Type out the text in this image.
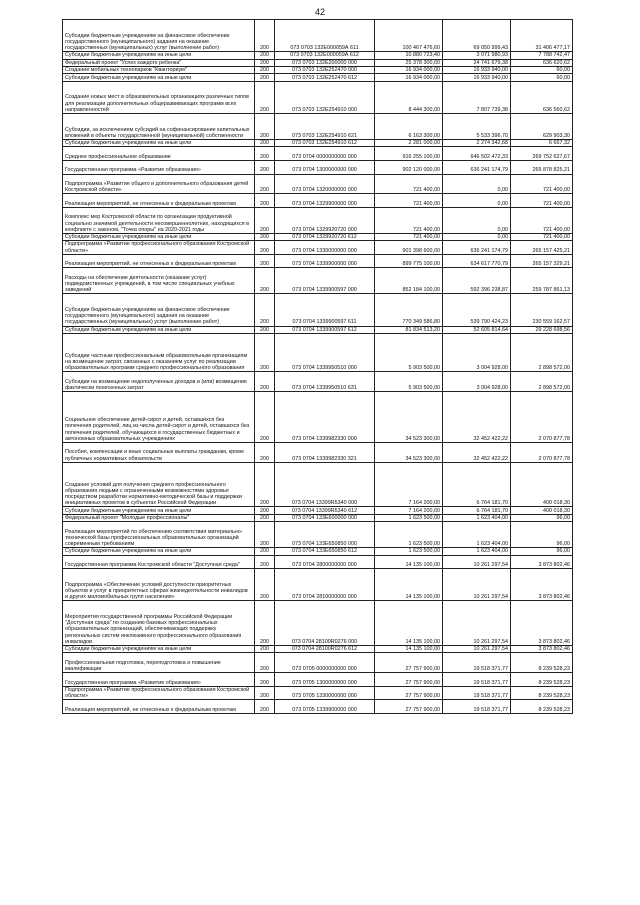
42
Субсидии бюджетным учреждениям на финансовое обеспечение государственного (муниципального) задания на оказание государственных (муниципальных) услуг (выполнение работ)	200	073 0703 132Е000059А 611	100 467 476,60	69 050 999,43	31 406 477,17
Субсидии бюджетным учреждениям на иные цели	200	073 0703 132Е000059А 612	10 880 723,40	3 071 980,93	7 788 742,47
Федеральный проект "Успех каждого ребенка"	200	073 0703 132Е200000 000	25 378 300,00	24 741 679,38	636 620,62
Создание мобильных технопарков "Кванториум"	200	073 0703 132Е252470 000	16 934 000,00	16 933 940,00	60,00
Субсидии бюджетным учреждениям на иные цели	200	073 0703 132Е252470 612	16 934 000,00	16 933 940,00	60,00
Создание новых мест в образовательных организациях различных типов для реализации дополнительных общеразвивающих программ всех направленностей	200	073 0703 132Е254910 000	8 444 300,00	7 807 739,38	636 560,62
Субсидии, за исключением субсидий на софинансирование капитальных вложений в объекты государственной (муниципальной) собственности	200	073 0703 132Е254910 621	6 163 300,00	5 533 396,70	629 903,30
Субсидии бюджетным учреждениям на иные цели	200	073 0703 132Е254910 612	2 281 000,00	2 274 342,68	6 657,32
Среднее профессиональное образование	200	073 0704 0000000000 000	916 255 100,00	646 502 472,33	269 752 627,67
Государственная программа «Развитие образования»	200	073 0704 1300000000 000	902 120 000,00	636 241 174,79	265 878 825,21
Подпрограмма «Развитие общего и дополнительного образования детей Костромской области»	200	073 0704 1320000000 000	721 400,00	0,00	721 400,00
Реализация мероприятий, не отнесенных к федеральным проектам	200	073 0704 1329900000 000	721 400,00	0,00	721 400,00
Комплекс мер Костромской области по организации продуктивной социально значимой деятельности несовершеннолетних, находящихся в конфликте с законом, "Точка опоры" на 2020-2021 годы	200	073 0704 1329920720 000	721 400,00	0,00	721 400,00
Субсидии бюджетным учреждениям на иные цели	200	073 0704 1329920720 612	721 400,00	0,00	721 400,00
Подпрограмма «Развитие профессионального образования Костромской области»	200	073 0704 1330000000 000	901 398 600,00	636 241 174,79	265 157 425,21
Реализация мероприятий, не отнесенных к федеральным проектам	200	073 0704 1339900000 000	899 775 100,00	634 617 770,79	265 157 329,21
Расходы на обеспечение деятельности (оказание услуг) подведомственных учреждений, в том числе специальных учебных заведений	200	073 0704 1339900597 000	852 184 100,00	592 396 238,87	259 787 861,13
Субсидии бюджетным учреждениям на финансовое обеспечение государственного (муниципального) задания на оказание государственных (муниципальных) услуг (выполнение работ)	200	073 0704 1339900597 611	770 349 586,80	539 790 424,23	230 559 162,57
Субсидии бюджетным учреждениям на иные цели	200	073 0704 1339900597 612	81 834 513,20	52 605 814,64	29 228 698,56
Субсидии частным профессиональным образовательным организациям на возмещение затрат, связанных с оказанием услуг по реализации образовательных программ среднего профессионального образования	200	073 0704 1339950510 000	5 903 500,00	3 004 928,00	2 898 572,00
Субсидии на возмещение недополученных доходов и (или) возмещение фактически понесенных затрат	200	073 0704 1339950510 631	5 903 500,00	3 004 928,00	2 898 572,00
Социальное обеспечение детей-сирот и детей, оставшихся без попечения родителей, лиц из числа детей-сирот и детей, оставшихся без попечения родителей, обучающихся в государственных бюджетных и автономных образовательных учреждениях	200	073 0704 1339982330 000	34 523 300,00	32 452 422,22	2 070 877,78
Пособия, компенсации и иные социальные выплаты гражданам, кроме публичных нормативных обязательств	200	073 0704 1339982330 321	34 523 300,00	32 452 422,22	2 070 877,78
Создание условий для получения среднего профессионального образования людьми с ограниченными возможностями здоровья посредством разработки нормативно-методической базы и поддержки инициативных проектов в субъектах Российской Федерации	200	073 0704 13399R5340 000	7 164 200,00	6 764 181,70	400 018,30
Субсидии бюджетным учреждениям на иные цели	200	073 0704 13399R5340 612	7 164 200,00	6 764 181,70	400 018,30
Федеральный проект "Молодые профессионалы"	200	073 0704 133E600000 000	1 623 500,00	1 623 404,00	96,00
Реализация мероприятий по обеспечению соответствия материально-технической базы профессиональных образовательных организаций современным требованиям	200	073 0704 133E650850 000	1 623 500,00	1 623 404,00	96,00
Субсидии бюджетным учреждениям на иные цели	200	073 0704 133E650850 612	1 623 500,00	1 623 404,00	96,00
Государственная программа Костромской области "Доступная среда"	200	073 0704 2800000000 000	14 135 100,00	10 261 297,54	3 873 802,46
Подпрограмма «Обеспечение условий доступности приоритетных объектов и услуг в приоритетных сферах жизнедеятельности инвалидов и других маломобильных групп населения»	200	073 0704 2810000000 000	14 135 100,00	10 261 297,54	3 873 802,46
Мероприятия государственной программы Российской Федерации "Доступная среда" по созданию базовых профессиональных образовательных организаций, обеспечивающих поддержку региональных систем инклюзивного профессионального образования инвалидов	200	073 0704 28100R0276 000	14 135 100,00	10 261 297,54	3 873 802,46
Субсидии бюджетным учреждениям на иные цели	200	073 0704 28100R0276 612	14 135 100,00	10 261 297,54	3 873 802,46
Профессиональная подготовка, переподготовка и повышение квалификации	200	073 0705 0000000000 000	27 757 900,00	19 518 371,77	8 239 528,23
Государственная программа «Развитие образования»	200	073 0705 1300000000 000	27 757 900,00	19 518 371,77	8 239 528,23
Подпрограмма «Развитие профессионального образования Костромской области»	200	073 0705 1330000000 000	27 757 900,00	19 518 371,77	8 239 528,23
Реализация мероприятий, не отнесенных к федеральным проектам	200	073 0705 1339900000 000	27 757 900,00	19 518 371,77	8 239 528,23
